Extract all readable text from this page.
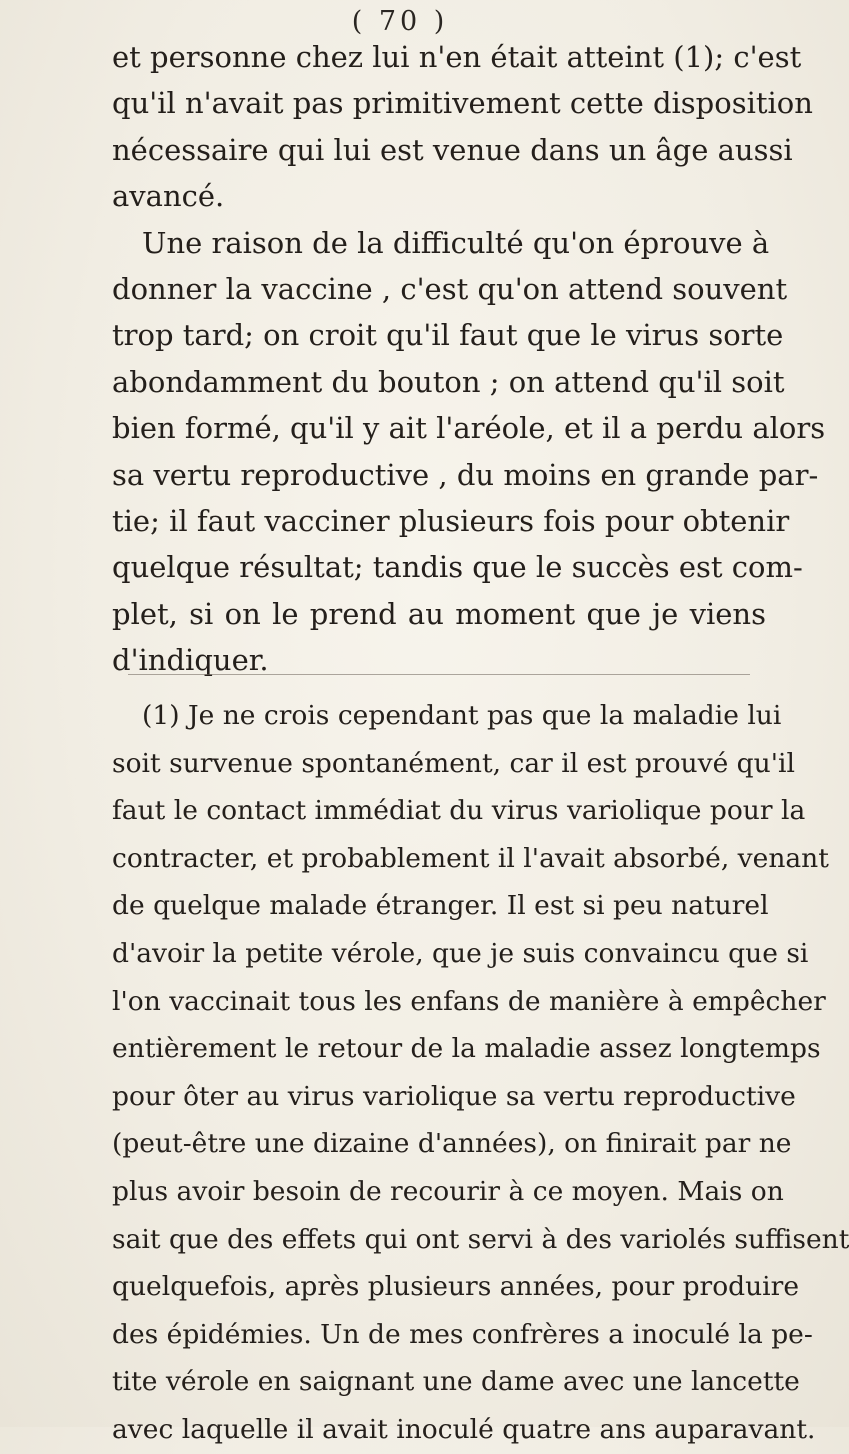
( 70 )
et personne chez lui n'en était atteint (1); c'est
qu'il n'avait pas primitivement cette disposition
nécessaire qui lui est venue dans un âge aussi
avancé.
Une raison de la difficulté qu'on éprouve à
donner la vaccine , c'est qu'on attend souvent
trop tard; on croit qu'il faut que le virus sorte
abondamment du bouton ; on attend qu'il soit
bien formé, qu'il y ait l'aréole, et il a perdu alors
sa vertu reproductive , du moins en grande par-
tie; il faut vacciner plusieurs fois pour obtenir
quelque résultat; tandis que le succès est com-
plet, si on le prend au moment que je viens
d'indiquer.
(1) Je ne crois cependant pas que la maladie lui
soit survenue spontanément, car il est prouvé qu'il
faut le contact immédiat du virus variolique pour la
contracter, et probablement il l'avait absorbé, venant
de quelque malade étranger. Il est si peu naturel
d'avoir la petite vérole, que je suis convaincu que si
l'on vaccinait tous les enfans de manière à empêcher
entièrement le retour de la maladie assez longtemps
pour ôter au virus variolique sa vertu reproductive
(peut-être une dizaine d'années), on finirait par ne
plus avoir besoin de recourir à ce moyen. Mais on
sait que des effets qui ont servi à des variolés suffisent
quelquefois, après plusieurs années, pour produire
des épidémies. Un de mes confrères a inoculé la pe-
tite vérole en saignant une dame avec une lancette
avec laquelle il avait inoculé quatre ans auparavant.
